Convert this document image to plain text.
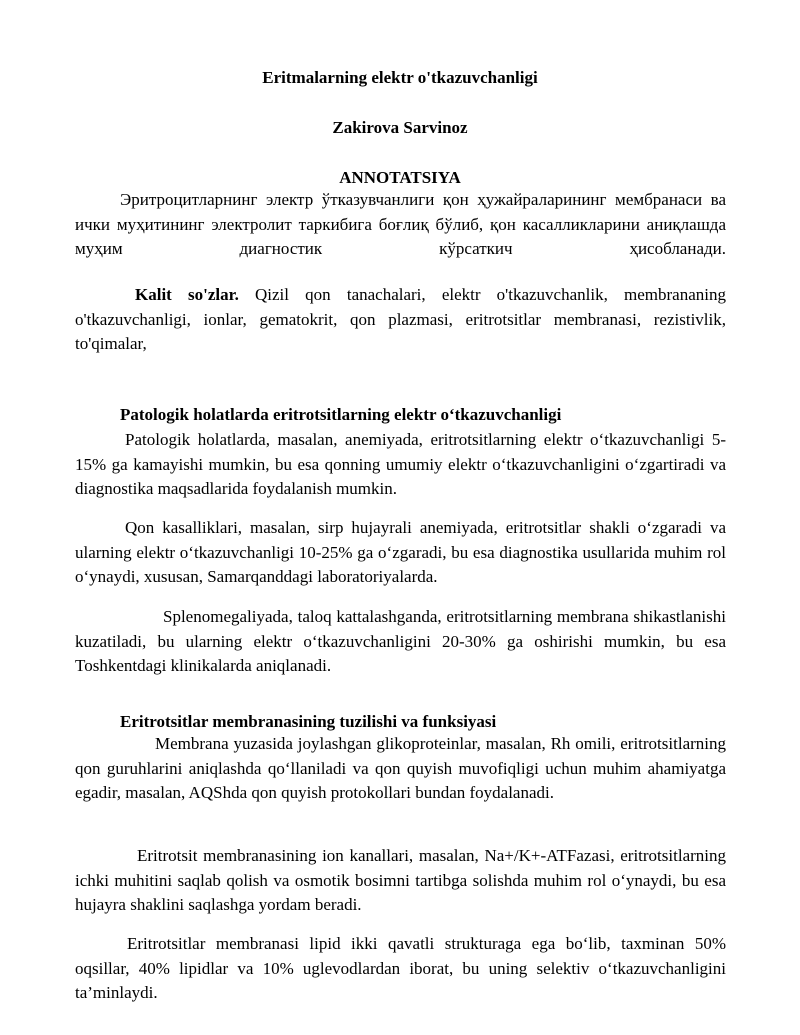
Eritmalarning elektr o'tkazuvchanligi

Zakirova Sarvinoz

ANNOTATSIYA

Эритроцитларнинг электр ўтказувчанлиги қон ҳужайраларининг мембранаси ва ички муҳитининг электролит таркибига боғлиқ бўлиб, қон касалликларини аниқлашда муҳим диагностик кўрсаткич ҳисобланади.

Kalit so'zlar. Qizil qon tanachalari, elektr o'tkazuvchanlik, membrananing o'tkazuvchanligi, ionlar, gematokrit, qon plazmasi, eritrotsitlar membranasi, rezistivlik, to'qimalar,

Patologik holatlarda eritrotsitlarning elektr o‘tkazuvchanligi

Patologik holatlarda, masalan, anemiyada, eritrotsitlarning elektr o‘tkazuvchanligi 5-15% ga kamayishi mumkin, bu esa qonning umumiy elektr o‘tkazuvchanligini o‘zgartiradi va diagnostika maqsadlarida foydalanish mumkin.

Qon kasalliklari, masalan, sirp hujayrali anemiyada, eritrotsitlar shakli o‘zgaradi va ularning elektr o‘tkazuvchanligi 10-25% ga o‘zgaradi, bu esa diagnostika usullarida muhim rol o‘ynaydi, xususan, Samarqanddagi laboratoriyalarda.

Splenomegaliyada, taloq kattalashganda, eritrotsitlarning membrana shikastlanishi kuzatiladi, bu ularning elektr o‘tkazuvchanligini 20-30% ga oshirishi mumkin, bu esa Toshkentdagi klinikalarda aniqlanadi.

Eritrotsitlar membranasining tuzilishi va funksiyasi

Membrana yuzasida joylashgan glikoproteinlar, masalan, Rh omili, eritrotsitlarning qon guruhlarini aniqlashda qo‘llaniladi va qon quyish muvofiqligi uchun muhim ahamiyatga egadir, masalan, AQShda qon quyish protokollari bundan foydalanadi.

Eritrotsit membranasining ion kanallari, masalan, Na+/K+-ATFazasi, eritrotsitlarning ichki muhitini saqlab qolish va osmotik bosimni tartibga solishda muhim rol o‘ynaydi, bu esa hujayra shaklini saqlashga yordam beradi.

Eritrotsitlar membranasi lipid ikki qavatli strukturaga ega bo‘lib, taxminan 50% oqsillar, 40% lipidlar va 10% uglevodlardan iborat, bu uning selektiv o‘tkazuvchanligini ta’minlaydi.
